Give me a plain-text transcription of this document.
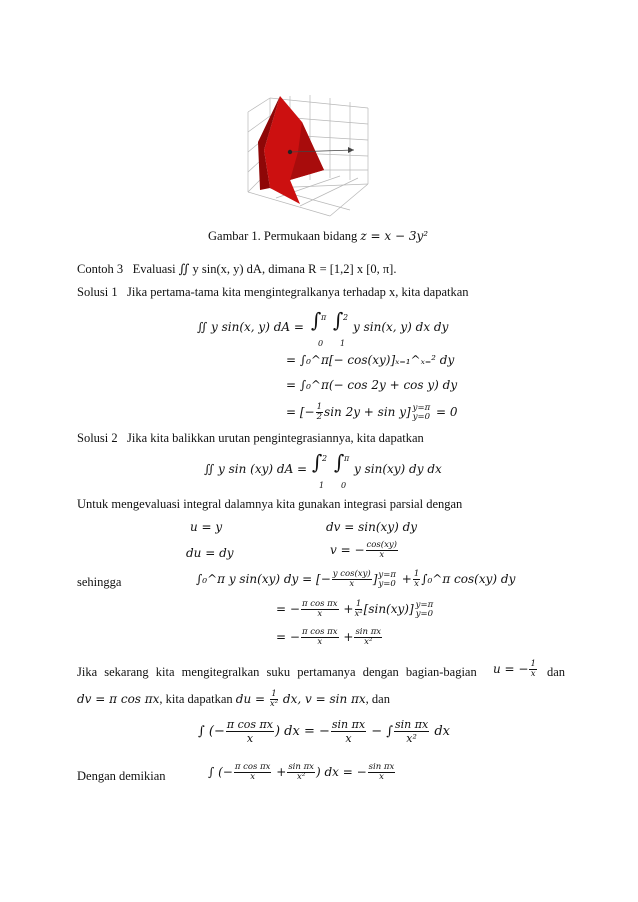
Gambar 1. Permukaan bidang z = x − 3y²
Contoh 3 Evaluasi ∬ y sin(x, y) dA, dimana R = [1,2] x [0, π].
Solusi 1 Jika pertama-tama kita mengintegralkanya terhadap x, kita dapatkan
∬ y sin(x, y) dA = ∫ π
0
∫ 2
1
y sin(x, y) dx dy
= ∫₀^π[− cos(xy)]ₓ₌₁^ₓ₌² dy
= ∫₀^π(− cos 2y + cos y) dy
= [− $\frac{1}{2}$ sin 2y + sin y] y=π
y=0 = 0
Solusi 2 Jika kita balikkan urutan pengintegrasiannya, kita dapatkan
∬ y sin (xy) dA = ∫ 2
1
∫ π
0
y sin(xy) dy dx
Untuk mengevaluasi integral dalamnya kita gunakan integrasi parsial dengan
u = y	dv = sin(xy) dy
du = dy	v = − $\frac{\cos(xy)}{x}$
sehingga	∫₀^π y sin(xy) dy = [− $\frac{\text{y cos(xy)}}{x}$ ] y=π
$y=0 + \frac{1}{x}$ ∫₀^π cos(xy) dy
= − $\frac{\text{π cos πx}}{x} + \frac{1}{\text{x²}} [\sin(xy)]$ y=π
y=0
= − $\frac{\text{π cos πx}}{x} + \frac{\text{sin πx}}{\text{x²}}$
Jika sekarang kita mengitegralkan suku pertamanya dengan bagian-bagian u = − $\frac{1}{x}$ dan
dv = π cos πx, kita dapatkan du = $\frac{1}{\text{x²}}$ dx, v = sin πx, dan
∫ (− $\frac{\text{π cos πx}}{x}$ ) dx = − $\frac{\text{sin πx}}{x}$ − ∫ $\frac{\text{sin πx}}{\text{x²}}$ dx
Dengan demikian	∫ (− $\frac{\text{π cos πx}}{x} + \frac{\text{sin πx}}{\text{x²}}$ ) dx = − $\frac{\text{sin πx}}{x}$
